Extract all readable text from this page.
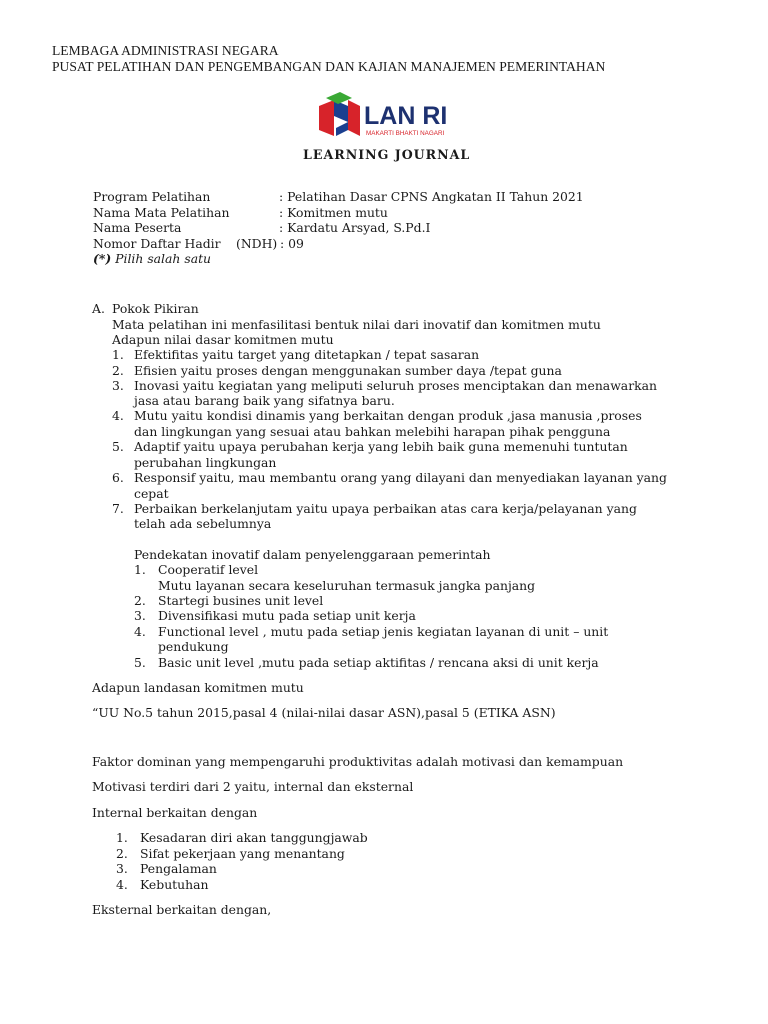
LEMBAGA ADMINISTRASI NEGARA
PUSAT PELATIHAN DAN PENGEMBANGAN DAN KAJIAN MANAJEMEN PEMERINTAHAN
LAN RI
MAKARTI BHAKTI NAGARI
LEARNING JOURNAL
Program Pelatihan	: Pelatihan Dasar CPNS Angkatan II Tahun 2021
Nama Mata Pelatihan	: Komitmen mutu
Nama Peserta	: Kardatu Arsyad, S.Pd.I
Nomor Daftar Hadir (NDH) : 09
(*) Pilih salah satu
A. Pokok Pikiran
Mata pelatihan ini menfasilitasi bentuk nilai dari inovatif dan komitmen mutu
Adapun nilai dasar komitmen mutu
1. Efektifitas yaitu target yang ditetapkan / tepat sasaran
2. Efisien yaitu proses dengan menggunakan sumber daya /tepat guna
3. Inovasi yaitu kegiatan yang meliputi seluruh proses menciptakan dan menawarkan
jasa atau barang baik yang sifatnya baru.
4. Mutu yaitu kondisi dinamis yang berkaitan dengan produk ,jasa manusia ,proses
dan lingkungan yang sesuai atau bahkan melebihi harapan pihak pengguna
5. Adaptif yaitu upaya perubahan kerja yang lebih baik guna memenuhi tuntutan
perubahan lingkungan
6. Responsif yaitu, mau membantu orang yang dilayani dan menyediakan layanan yang
cepat
7. Perbaikan berkelanjutam yaitu upaya perbaikan atas cara kerja/pelayanan yang
telah ada sebelumnya
Pendekatan inovatif dalam penyelenggaraan pemerintah
1. Cooperatif level
Mutu layanan secara keseluruhan termasuk jangka panjang
2. Startegi busines unit level
3. Divensifikasi mutu pada setiap unit kerja
4. Functional level , mutu pada setiap jenis kegiatan layanan di unit – unit
pendukung
5. Basic unit level ,mutu pada setiap aktifitas / rencana aksi di unit kerja
Adapun landasan komitmen mutu
“UU No.5 tahun 2015,pasal 4 (nilai-nilai dasar ASN),pasal 5 (ETIKA ASN)
Faktor dominan yang mempengaruhi produktivitas adalah motivasi dan kemampuan
Motivasi terdiri dari 2 yaitu, internal dan eksternal
Internal berkaitan dengan
1. Kesadaran diri akan tanggungjawab
2. Sifat pekerjaan yang menantang
3. Pengalaman
4. Kebutuhan
Eksternal berkaitan dengan,
